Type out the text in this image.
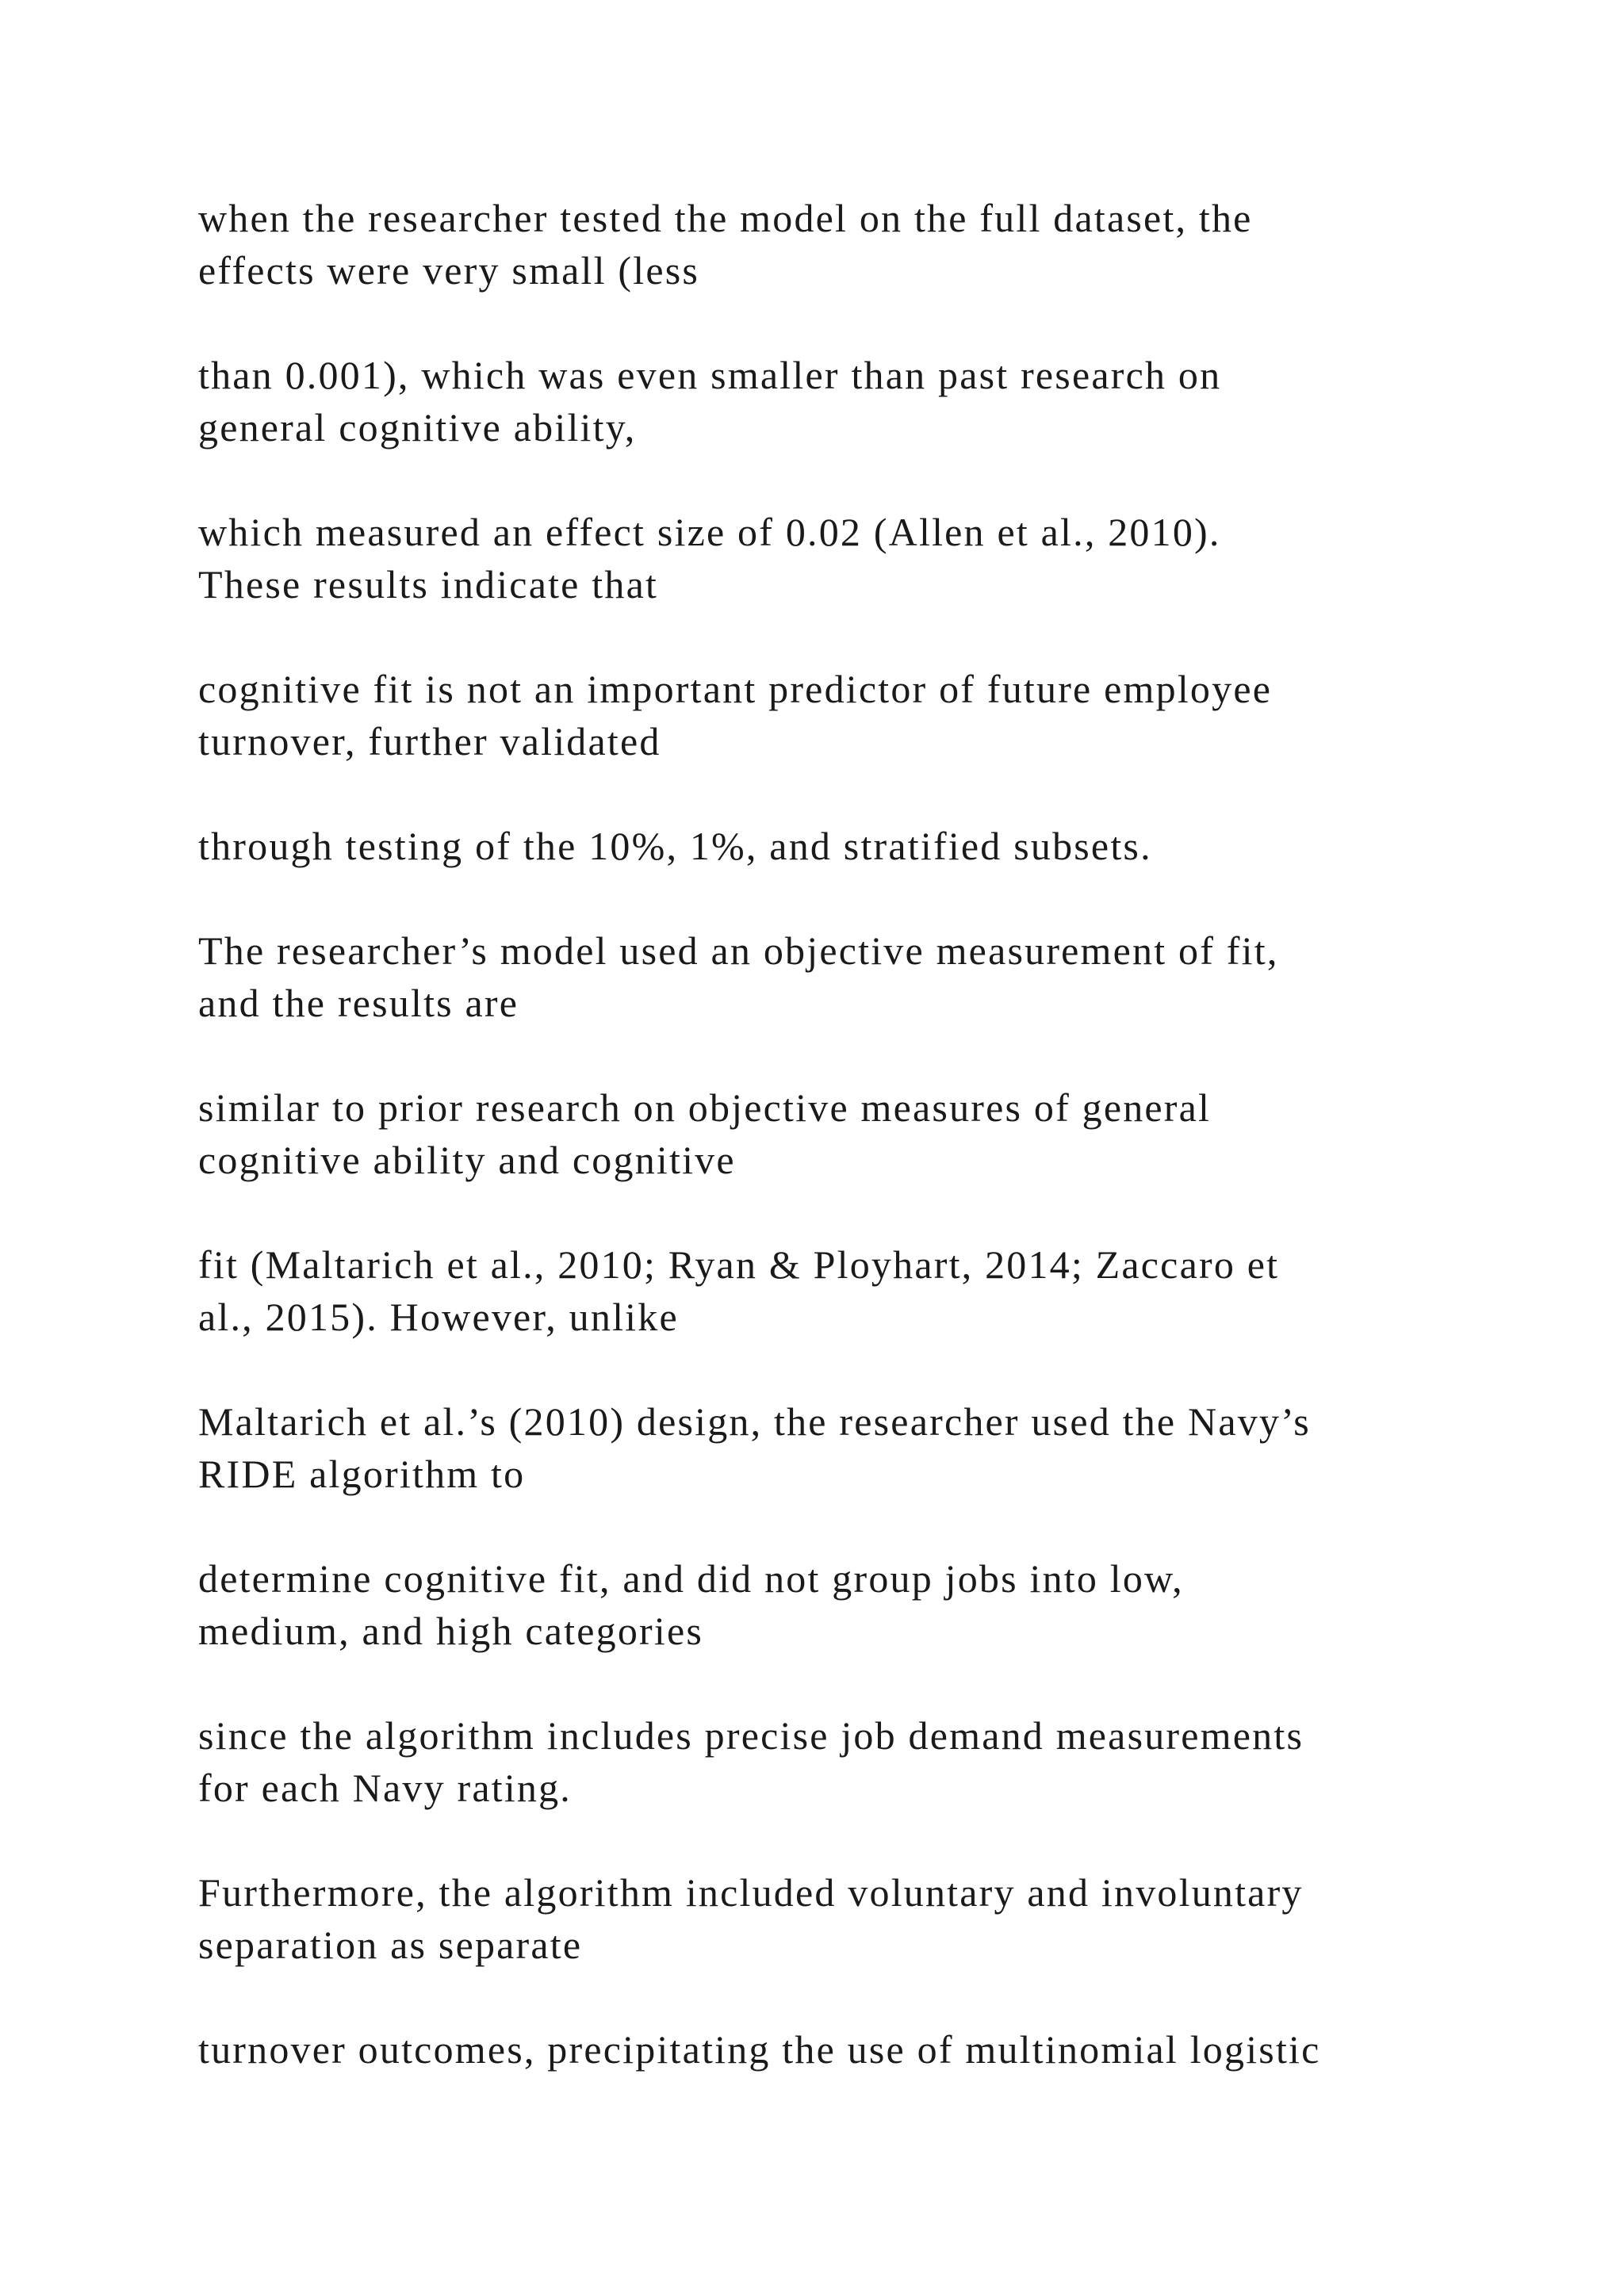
when the researcher tested the model on the full dataset, the
effects were very small (less

than 0.001), which was even smaller than past research on
general cognitive ability,

which measured an effect size of 0.02 (Allen et al., 2010).
These results indicate that

cognitive fit is not an important predictor of future employee
turnover, further validated

through testing of the 10%, 1%, and stratified subsets.

The researcher’s model used an objective measurement of fit,
and the results are

similar to prior research on objective measures of general
cognitive ability and cognitive

fit (Maltarich et al., 2010; Ryan & Ployhart, 2014; Zaccaro et
al., 2015). However, unlike

Maltarich et al.’s (2010) design, the researcher used the Navy’s
RIDE algorithm to

determine cognitive fit, and did not group jobs into low,
medium, and high categories

since the algorithm includes precise job demand measurements
for each Navy rating.

Furthermore, the algorithm included voluntary and involuntary
separation as separate

turnover outcomes, precipitating the use of multinomial logistic
